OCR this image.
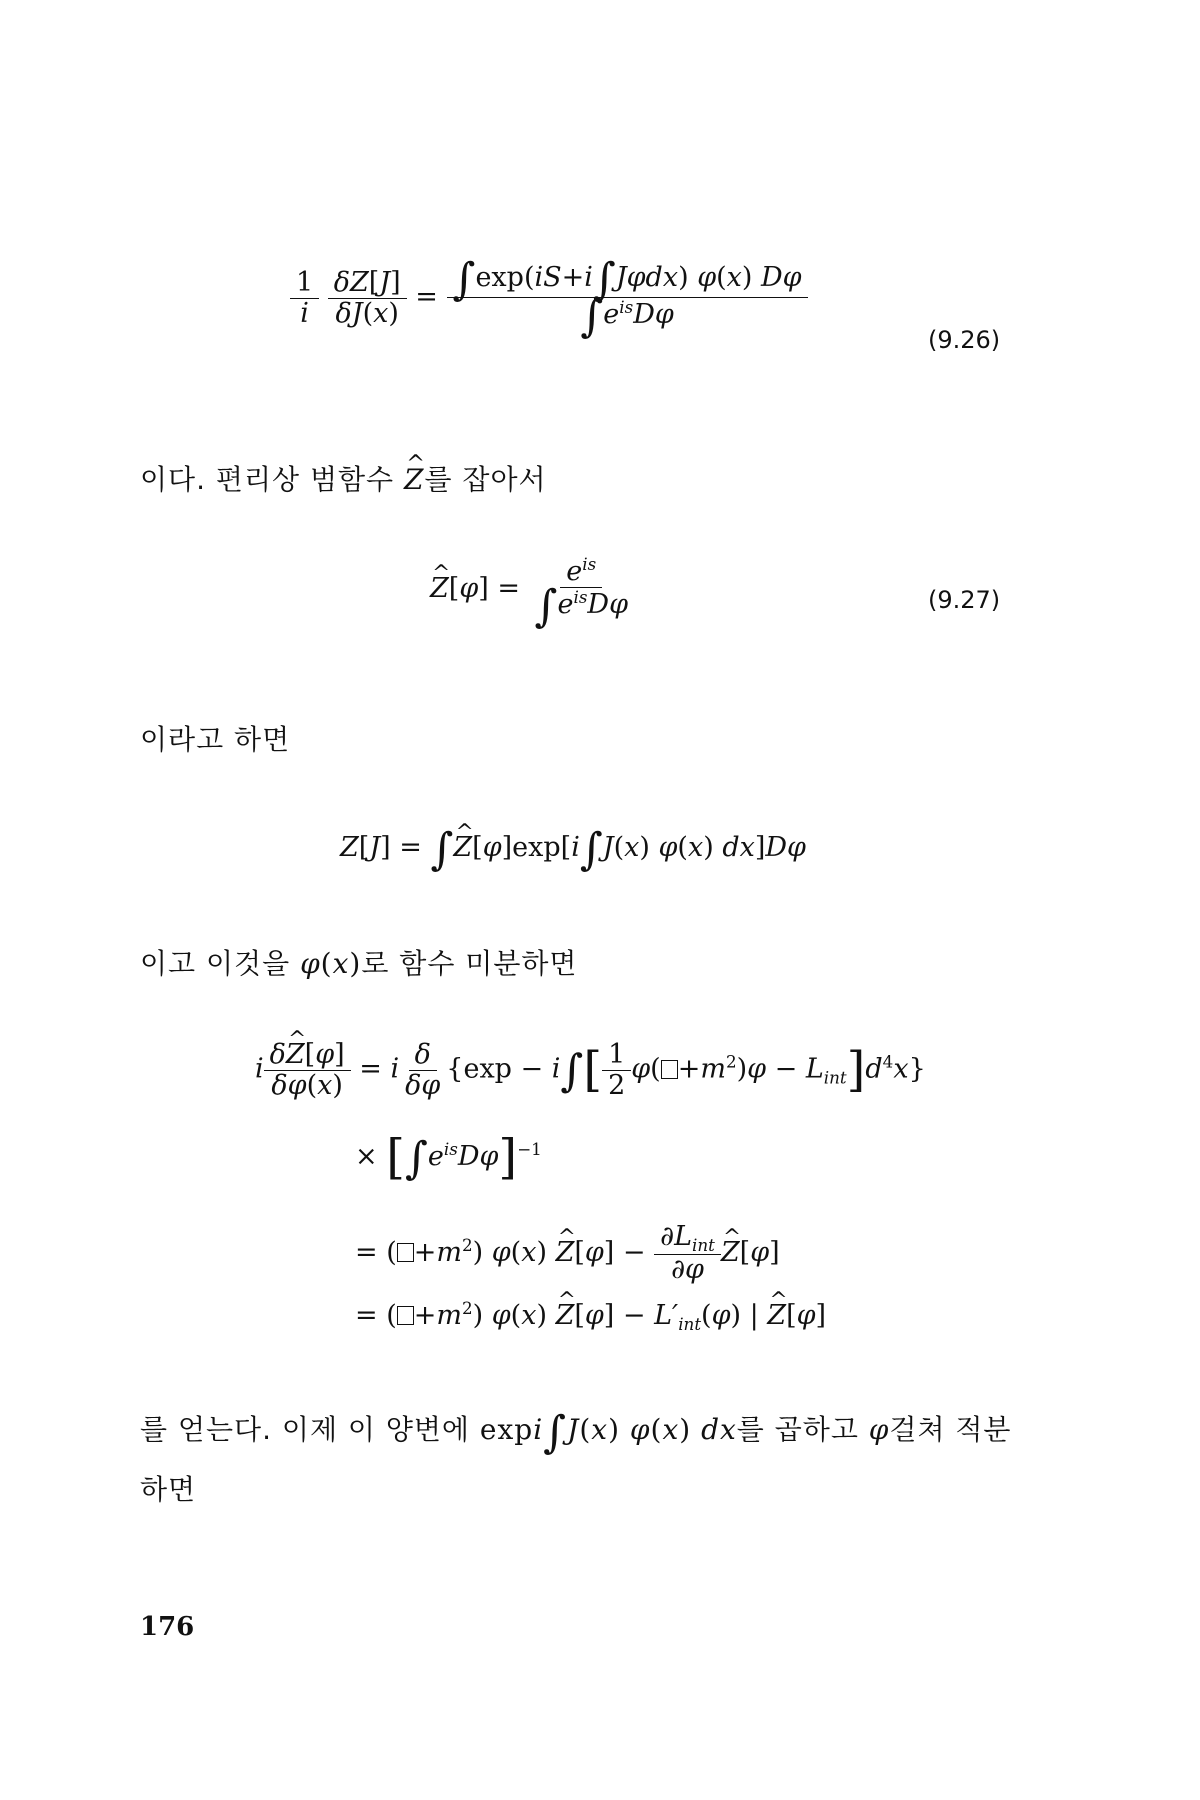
$\frac{1}{i}$
$\frac{\delta Z[J]}{\delta J(x)} = \frac{\text{∫exp(iS+i∫Jφdx) φ(x) Dφ}}{\int e^{is}D\varphi}$
(9.26)
이다. 편리상 범함수 ^ Z를 잡아서
^ $Z[\varphi] = \frac{e^{is}}{\int e^{is}D\varphi}$	(9.27)
이라고 하면
Z[J] = ∫^ Z[φ]exp[i∫J(x) φ(x) dx]Dφ
이고 이것을 φ(x)로 함수 미분하면
i $\frac{\delta\^{} Z[\varphi]}{\delta\varphi(x)} = i \frac{\delta}{\delta\varphi} \{\exp - i\int[ \frac{1}{2} \varphi( +m^2)\varphi - L_{int}]d^4x\}$
× $[\int e^{is}D\varphi]^{-1}$
= ( $+m^2$) φ(x) ^ $Z[\varphi] - \frac{\partial L_{int}}{\partial\varphi}$ ^ Z[φ]
= ( $+m^2$) φ(x) ^ $Z[\varphi] - L'_{int}(\varphi)$ | ^ Z[φ]
를 얻는다. 이제 이 양변에 expi∫J(x) φ(x) dx를 곱하고 φ걸쳐 적분
하면
176
